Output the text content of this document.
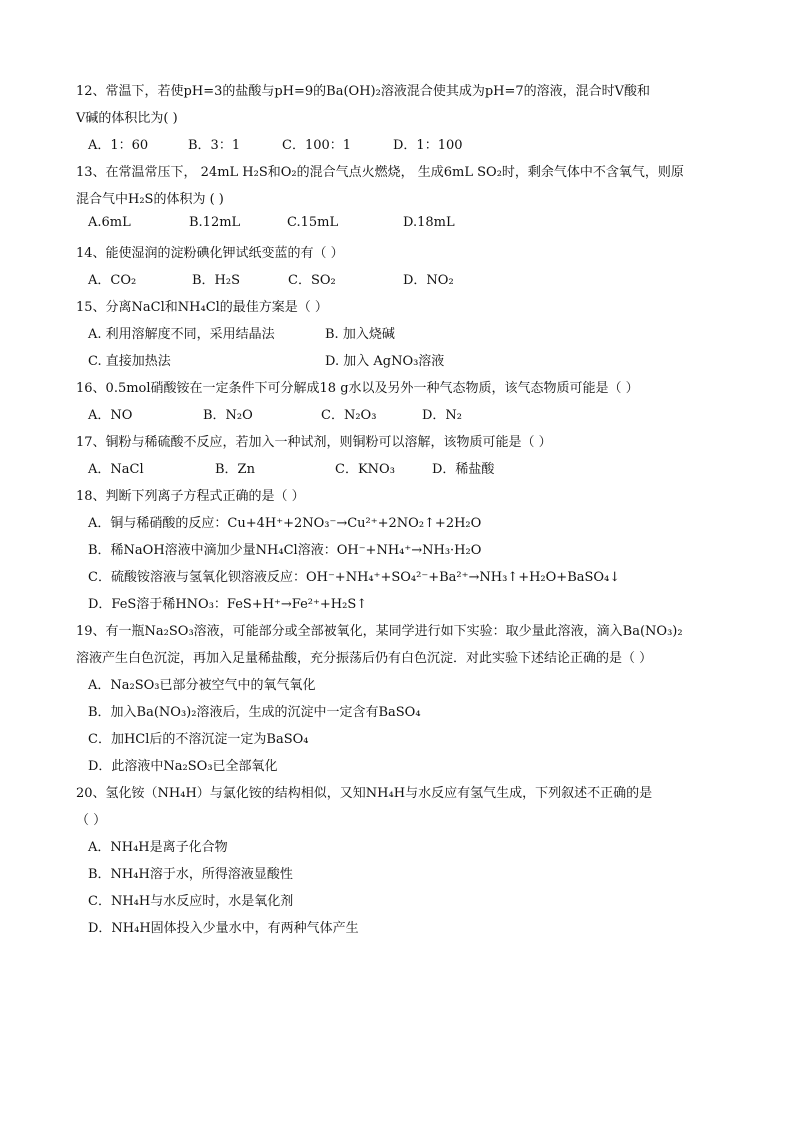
12、常温下，若使pH=3的盐酸与pH=9的Ba(OH)₂溶液混合使其成为pH=7的溶液，混合时V酸和
V碱的体积比为( )
A．1：60	B．3：1	C．100：1	D．1：100
13、在常温常压下， 24mL H₂S和O₂的混合气点火燃烧， 生成6mL SO₂时，剩余气体中不含氧气，则原
混合气中H₂S的体积为 ( )
A.6mL	B.12mL	C.15mL	D.18mL
14、能使湿润的淀粉碘化钾试纸变蓝的有（ ）
A．CO₂	B．H₂S	C．SO₂	D．NO₂
15、分离NaCl和NH₄Cl的最佳方案是（ ）
A. 利用溶解度不同，采用结晶法	B. 加入烧碱
C. 直接加热法	D. 加入 AgNO₃溶液
16、0.5mol硝酸铵在一定条件下可分解成18 g水以及另外一种气态物质，该气态物质可能是（ ）
A．NO	B．N₂O	C．N₂O₃	D．N₂
17、铜粉与稀硫酸不反应，若加入一种试剂，则铜粉可以溶解，该物质可能是（ ）
A．NaCl	B．Zn	C．KNO₃	D．稀盐酸
18、判断下列离子方程式正确的是（ ）
A．铜与稀硝酸的反应：Cu+4H⁺+2NO₃⁻→Cu²⁺+2NO₂↑+2H₂O
B．稀NaOH溶液中滴加少量NH₄Cl溶液：OH⁻+NH₄⁺→NH₃·H₂O
C．硫酸铵溶液与氢氧化钡溶液反应：OH⁻+NH₄⁺+SO₄²⁻+Ba²⁺→NH₃↑+H₂O+BaSO₄↓
D．FeS溶于稀HNO₃：FeS+H⁺→Fe²⁺+H₂S↑
19、有一瓶Na₂SO₃溶液，可能部分或全部被氧化，某同学进行如下实验：取少量此溶液，滴入Ba(NO₃)₂
溶液产生白色沉淀，再加入足量稀盐酸，充分振荡后仍有白色沉淀．对此实验下述结论正确的是（ ）
A．Na₂SO₃已部分被空气中的氧气氧化
B．加入Ba(NO₃)₂溶液后，生成的沉淀中一定含有BaSO₄
C．加HCl后的不溶沉淀一定为BaSO₄
D．此溶液中Na₂SO₃已全部氧化
20、氢化铵（NH₄H）与氯化铵的结构相似，又知NH₄H与水反应有氢气生成，下列叙述不正确的是
（ ）
A．NH₄H是离子化合物
B．NH₄H溶于水，所得溶液显酸性
C．NH₄H与水反应时，水是氧化剂
D．NH₄H固体投入少量水中，有两种气体产生
